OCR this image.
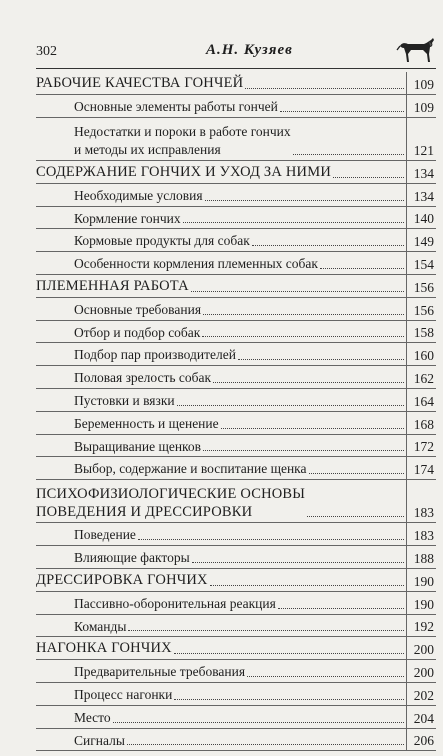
302	А.Н. Кузяев
РАБОЧИЕ КАЧЕСТВА ГОНЧЕЙ	109
Основные элементы работы гончей	109
Недостатки и пороки в работе гончих
и методы их исправления	121
СОДЕРЖАНИЕ ГОНЧИХ И УХОД ЗА НИМИ	134
Необходимые условия	134
Кормление гончих	140
Кормовые продукты для собак	149
Особенности кормления племенных собак	154
ПЛЕМЕННАЯ РАБОТА	156
Основные требования	156
Отбор и подбор собак	158
Подбор пар производителей	160
Половая зрелость собак	162
Пустовки и вязки	164
Беременность и щенение	168
Выращивание щенков	172
Выбор, содержание и воспитание щенка	174
ПСИХОФИЗИОЛОГИЧЕСКИЕ ОСНОВЫ
ПОВЕДЕНИЯ И ДРЕССИРОВКИ	183
Поведение	183
Влияющие факторы	188
ДРЕССИРОВКА ГОНЧИХ	190
Пассивно-оборонительная реакция	190
Команды	192
НАГОНКА ГОНЧИХ	200
Предварительные требования	200
Процесс нагонки	202
Место	204
Сигналы	206
